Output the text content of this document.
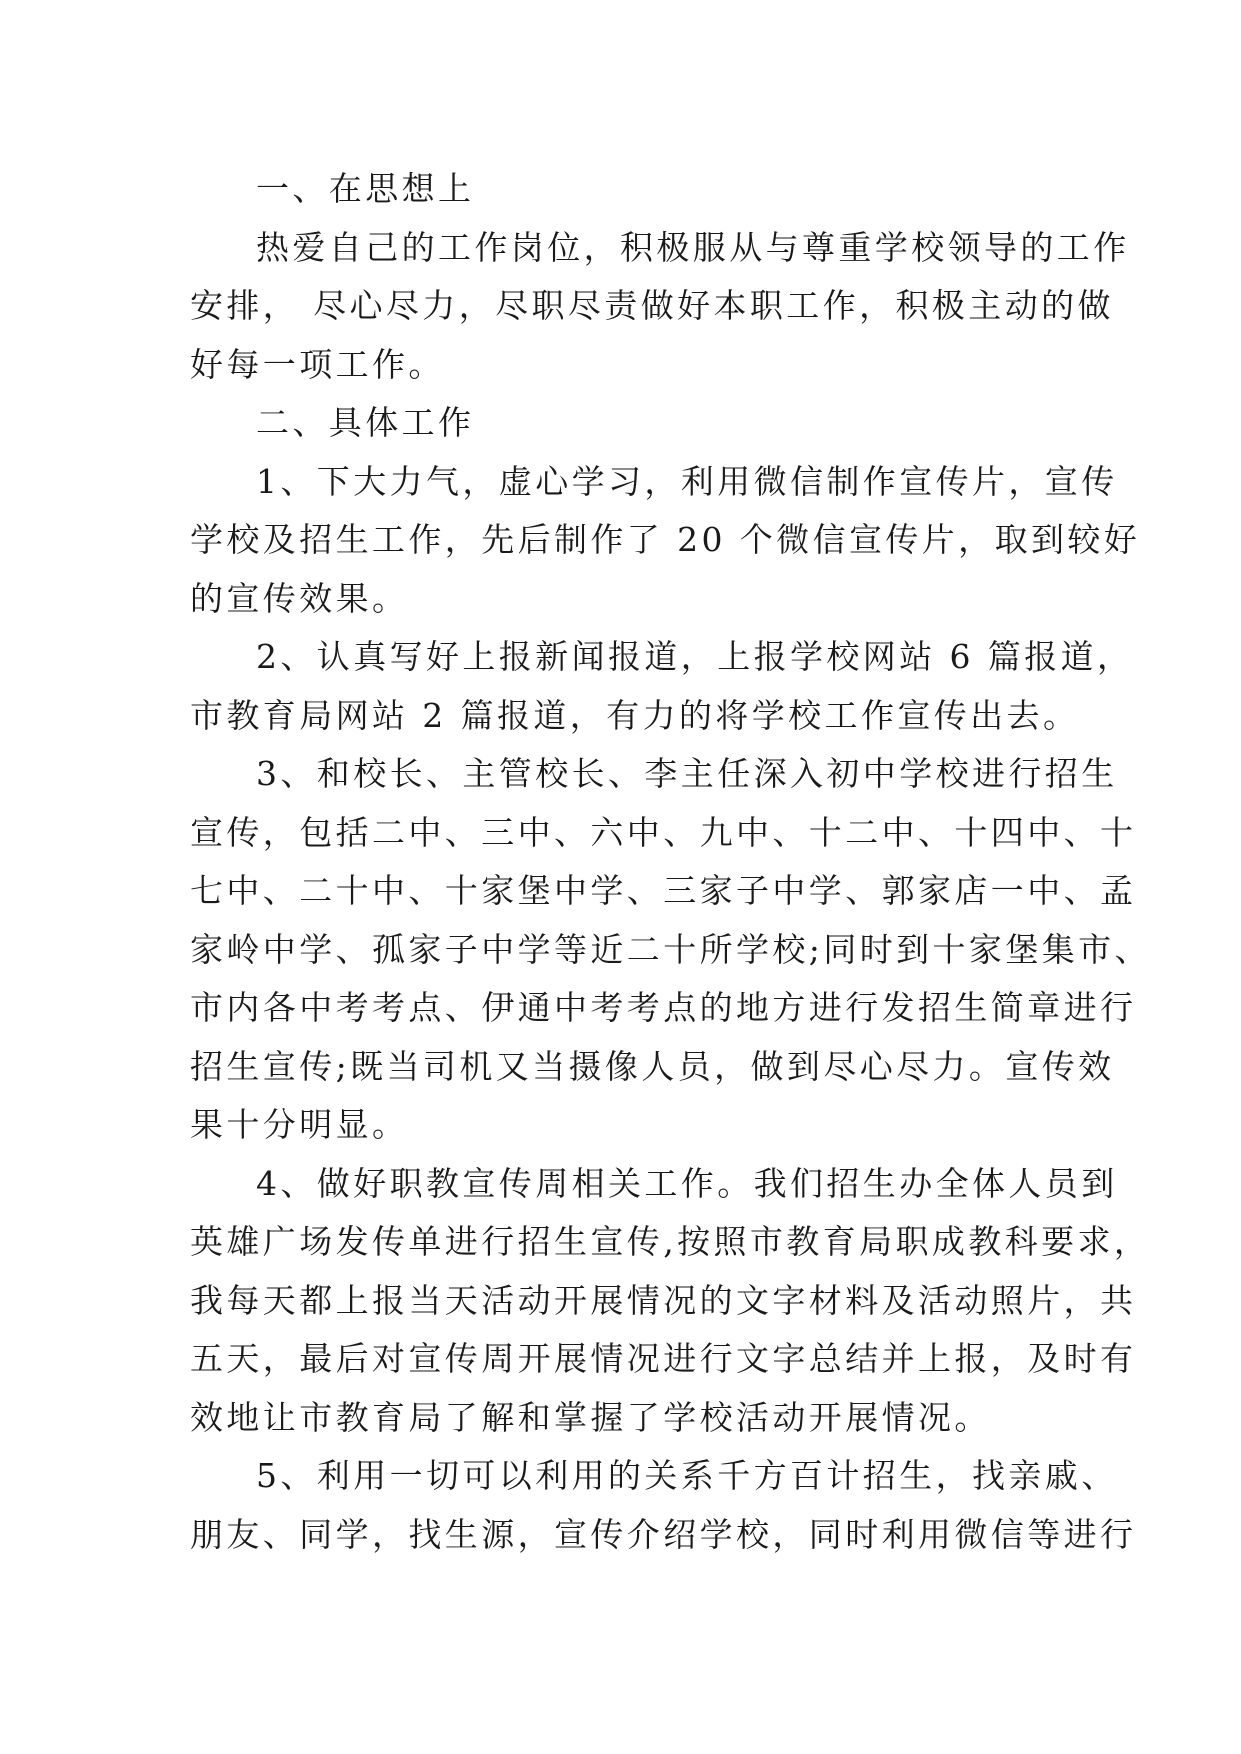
一、在思想上
热爱自己的工作岗位，积极服从与尊重学校领导的工作
安排， 尽心尽力，尽职尽责做好本职工作，积极主动的做
好每一项工作。
二、具体工作
1、下大力气，虚心学习，利用微信制作宣传片，宣传
学校及招生工作，先后制作了 20 个微信宣传片，取到较好
的宣传效果。
2、认真写好上报新闻报道，上报学校网站 6 篇报道，
市教育局网站 2 篇报道，有力的将学校工作宣传出去。
3、和校长、主管校长、李主任深入初中学校进行招生
宣传，包括二中、三中、六中、九中、十二中、十四中、十
七中、二十中、十家堡中学、三家子中学、郭家店一中、孟
家岭中学、孤家子中学等近二十所学校;同时到十家堡集市、
市内各中考考点、伊通中考考点的地方进行发招生简章进行
招生宣传;既当司机又当摄像人员，做到尽心尽力。宣传效
果十分明显。
4、做好职教宣传周相关工作。我们招生办全体人员到
英雄广场发传单进行招生宣传,按照市教育局职成教科要求，
我每天都上报当天活动开展情况的文字材料及活动照片，共
五天，最后对宣传周开展情况进行文字总结并上报，及时有
效地让市教育局了解和掌握了学校活动开展情况。
5、利用一切可以利用的关系千方百计招生，找亲戚、
朋友、同学，找生源，宣传介绍学校，同时利用微信等进行
